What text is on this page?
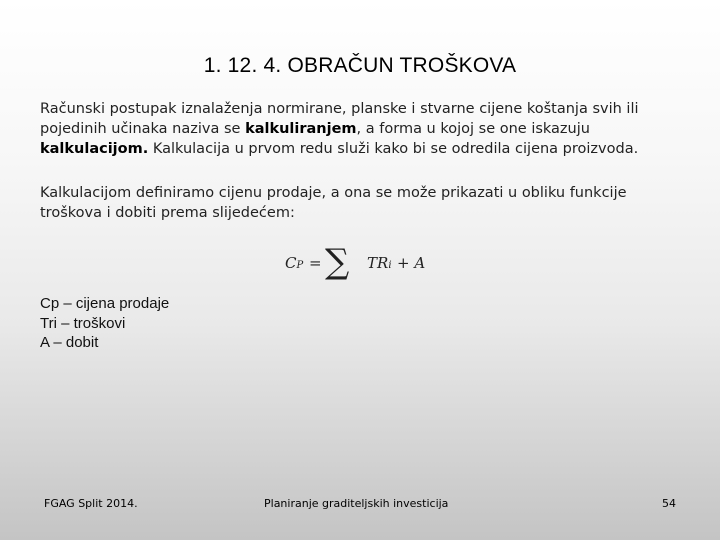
1. 12. 4. OBRAČUN TROŠKOVA
Računski postupak iznalaženja normirane, planske i stvarne cijene koštanja svih ili pojedinih učinaka naziva se kalkuliranjem, a forma u kojoj se one iskazuju kalkulacijom. Kalkulacija u prvom redu služi kako bi se odredila cijena proizvoda.
Kalkulacijom definiramo cijenu prodaje, a ona se može prikazati u obliku funkcije troškova i dobiti prema slijedećem:
CP = ∑ TRi + A
Cp – cijena prodaje
Tri – troškovi
A – dobit
FGAG Split 2014.	Planiranje graditeljskih investicija	54
